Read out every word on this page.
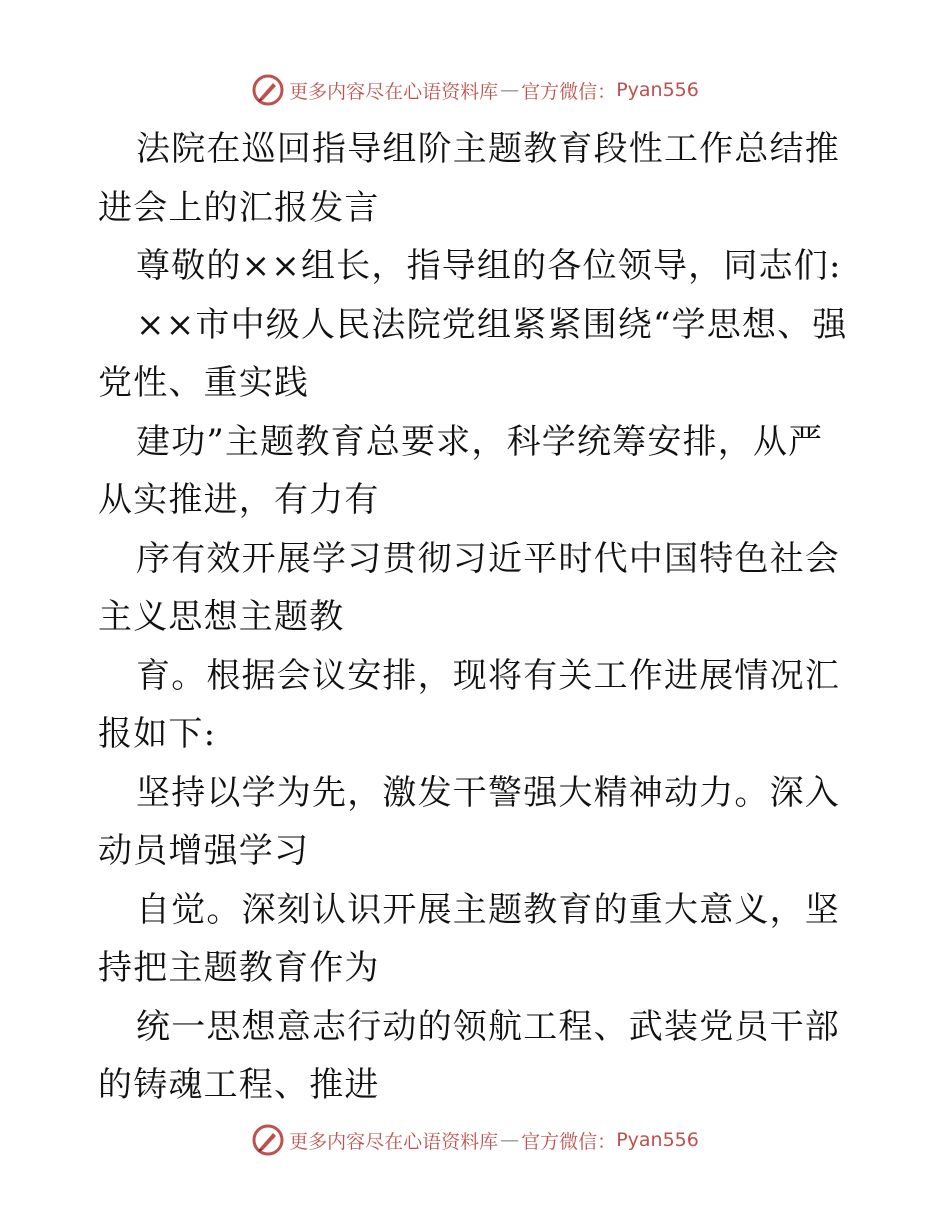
更多内容尽在心语资料库 — 官方微信： Pyan556

法院在巡回指导组阶主题教育段性工作总结推进会上的汇报发言

尊敬的××组长，指导组的各位领导，同志们:

××市中级人民法院党组紧紧围绕“学思想、强党性、重实践

建功”主题教育总要求，科学统筹安排，从严从实推进，有力有

序有效开展学习贯彻习近平时代中国特色社会主义思想主题教

育。根据会议安排，现将有关工作进展情况汇报如下:

坚持以学为先，激发干警强大精神动力。深入动员增强学习

自觉。深刻认识开展主题教育的重大意义，坚持把主题教育作为

统一思想意志行动的领航工程、武装党员干部的铸魂工程、推进

更多内容尽在心语资料库 — 官方微信： Pyan556
